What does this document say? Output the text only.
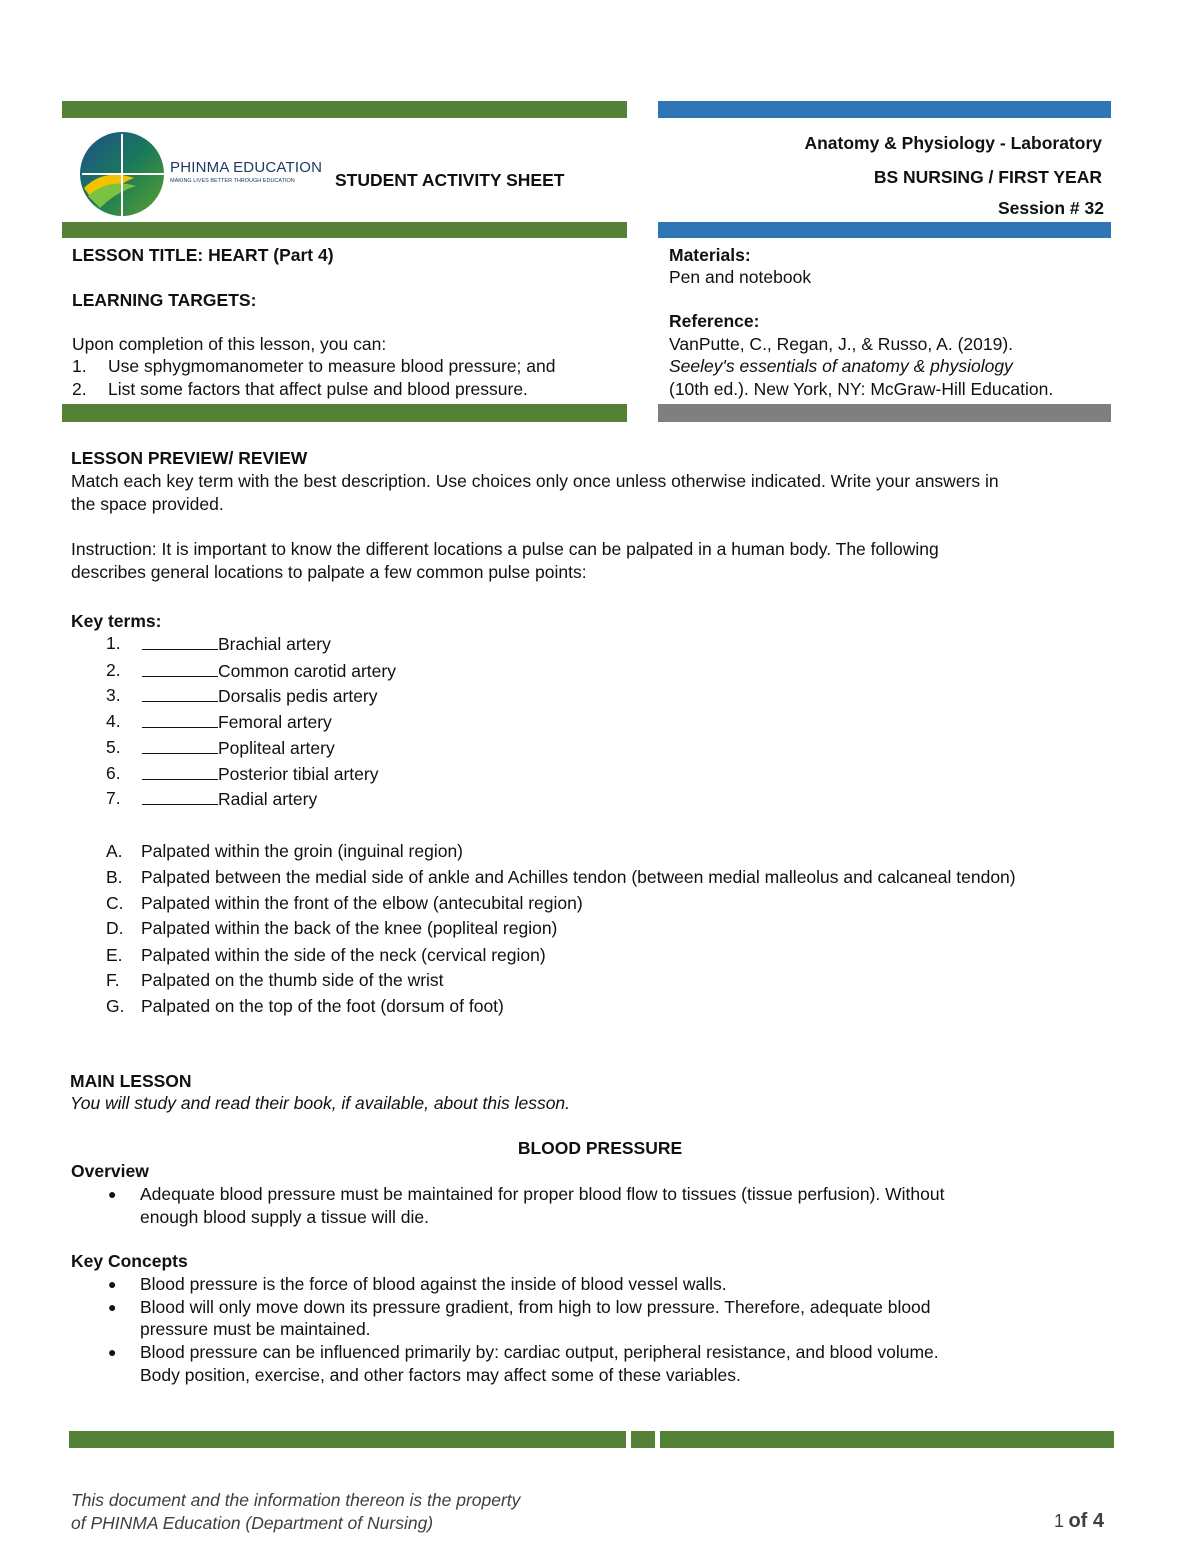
PHINMA EDUCATION
MAKING LIVES BETTER THROUGH EDUCATION STUDENT ACTIVITY SHEET
Anatomy & Physiology - Laboratory
BS NURSING / FIRST YEAR
Session # 32
LESSON TITLE: HEART (Part 4)
LEARNING TARGETS:
Upon completion of this lesson, you can:
1.	Use sphygmomanometer to measure blood pressure; and
2.	List some factors that affect pulse and blood pressure.
Materials:
Pen and notebook
Reference:
VanPutte, C., Regan, J., & Russo, A. (2019).
Seeley's essentials of anatomy & physiology
(10th ed.). New York, NY: McGraw-Hill Education.
LESSON PREVIEW/ REVIEW
Match each key term with the best description. Use choices only once unless otherwise indicated. Write your answers in
the space provided.
Instruction: It is important to know the different locations a pulse can be palpated in a human body. The following
describes general locations to palpate a few common pulse points:
Key terms:
1.	Brachial artery
2.	Common carotid artery
3.	Dorsalis pedis artery
4.	Femoral artery
5.	Popliteal artery
6.	Posterior tibial artery
7.	Radial artery
A. Palpated within the groin (inguinal region)
B. Palpated between the medial side of ankle and Achilles tendon (between medial malleolus and calcaneal tendon)
C. Palpated within the front of the elbow (antecubital region)
D. Palpated within the back of the knee (popliteal region)
E. Palpated within the side of the neck (cervical region)
F.	Palpated on the thumb side of the wrist
G. Palpated on the top of the foot (dorsum of foot)
MAIN LESSON
You will study and read their book, if available, about this lesson.
BLOOD PRESSURE
Overview
● Adequate blood pressure must be maintained for proper blood flow to tissues (tissue perfusion). Without
enough blood supply a tissue will die.
Key Concepts
● Blood pressure is the force of blood against the inside of blood vessel walls.
● Blood will only move down its pressure gradient, from high to low pressure. Therefore, adequate blood
pressure must be maintained.
● Blood pressure can be influenced primarily by: cardiac output, peripheral resistance, and blood volume.
Body position, exercise, and other factors may affect some of these variables.
This document and the information thereon is the property
of PHINMA Education (Department of Nursing)	1 of 4
